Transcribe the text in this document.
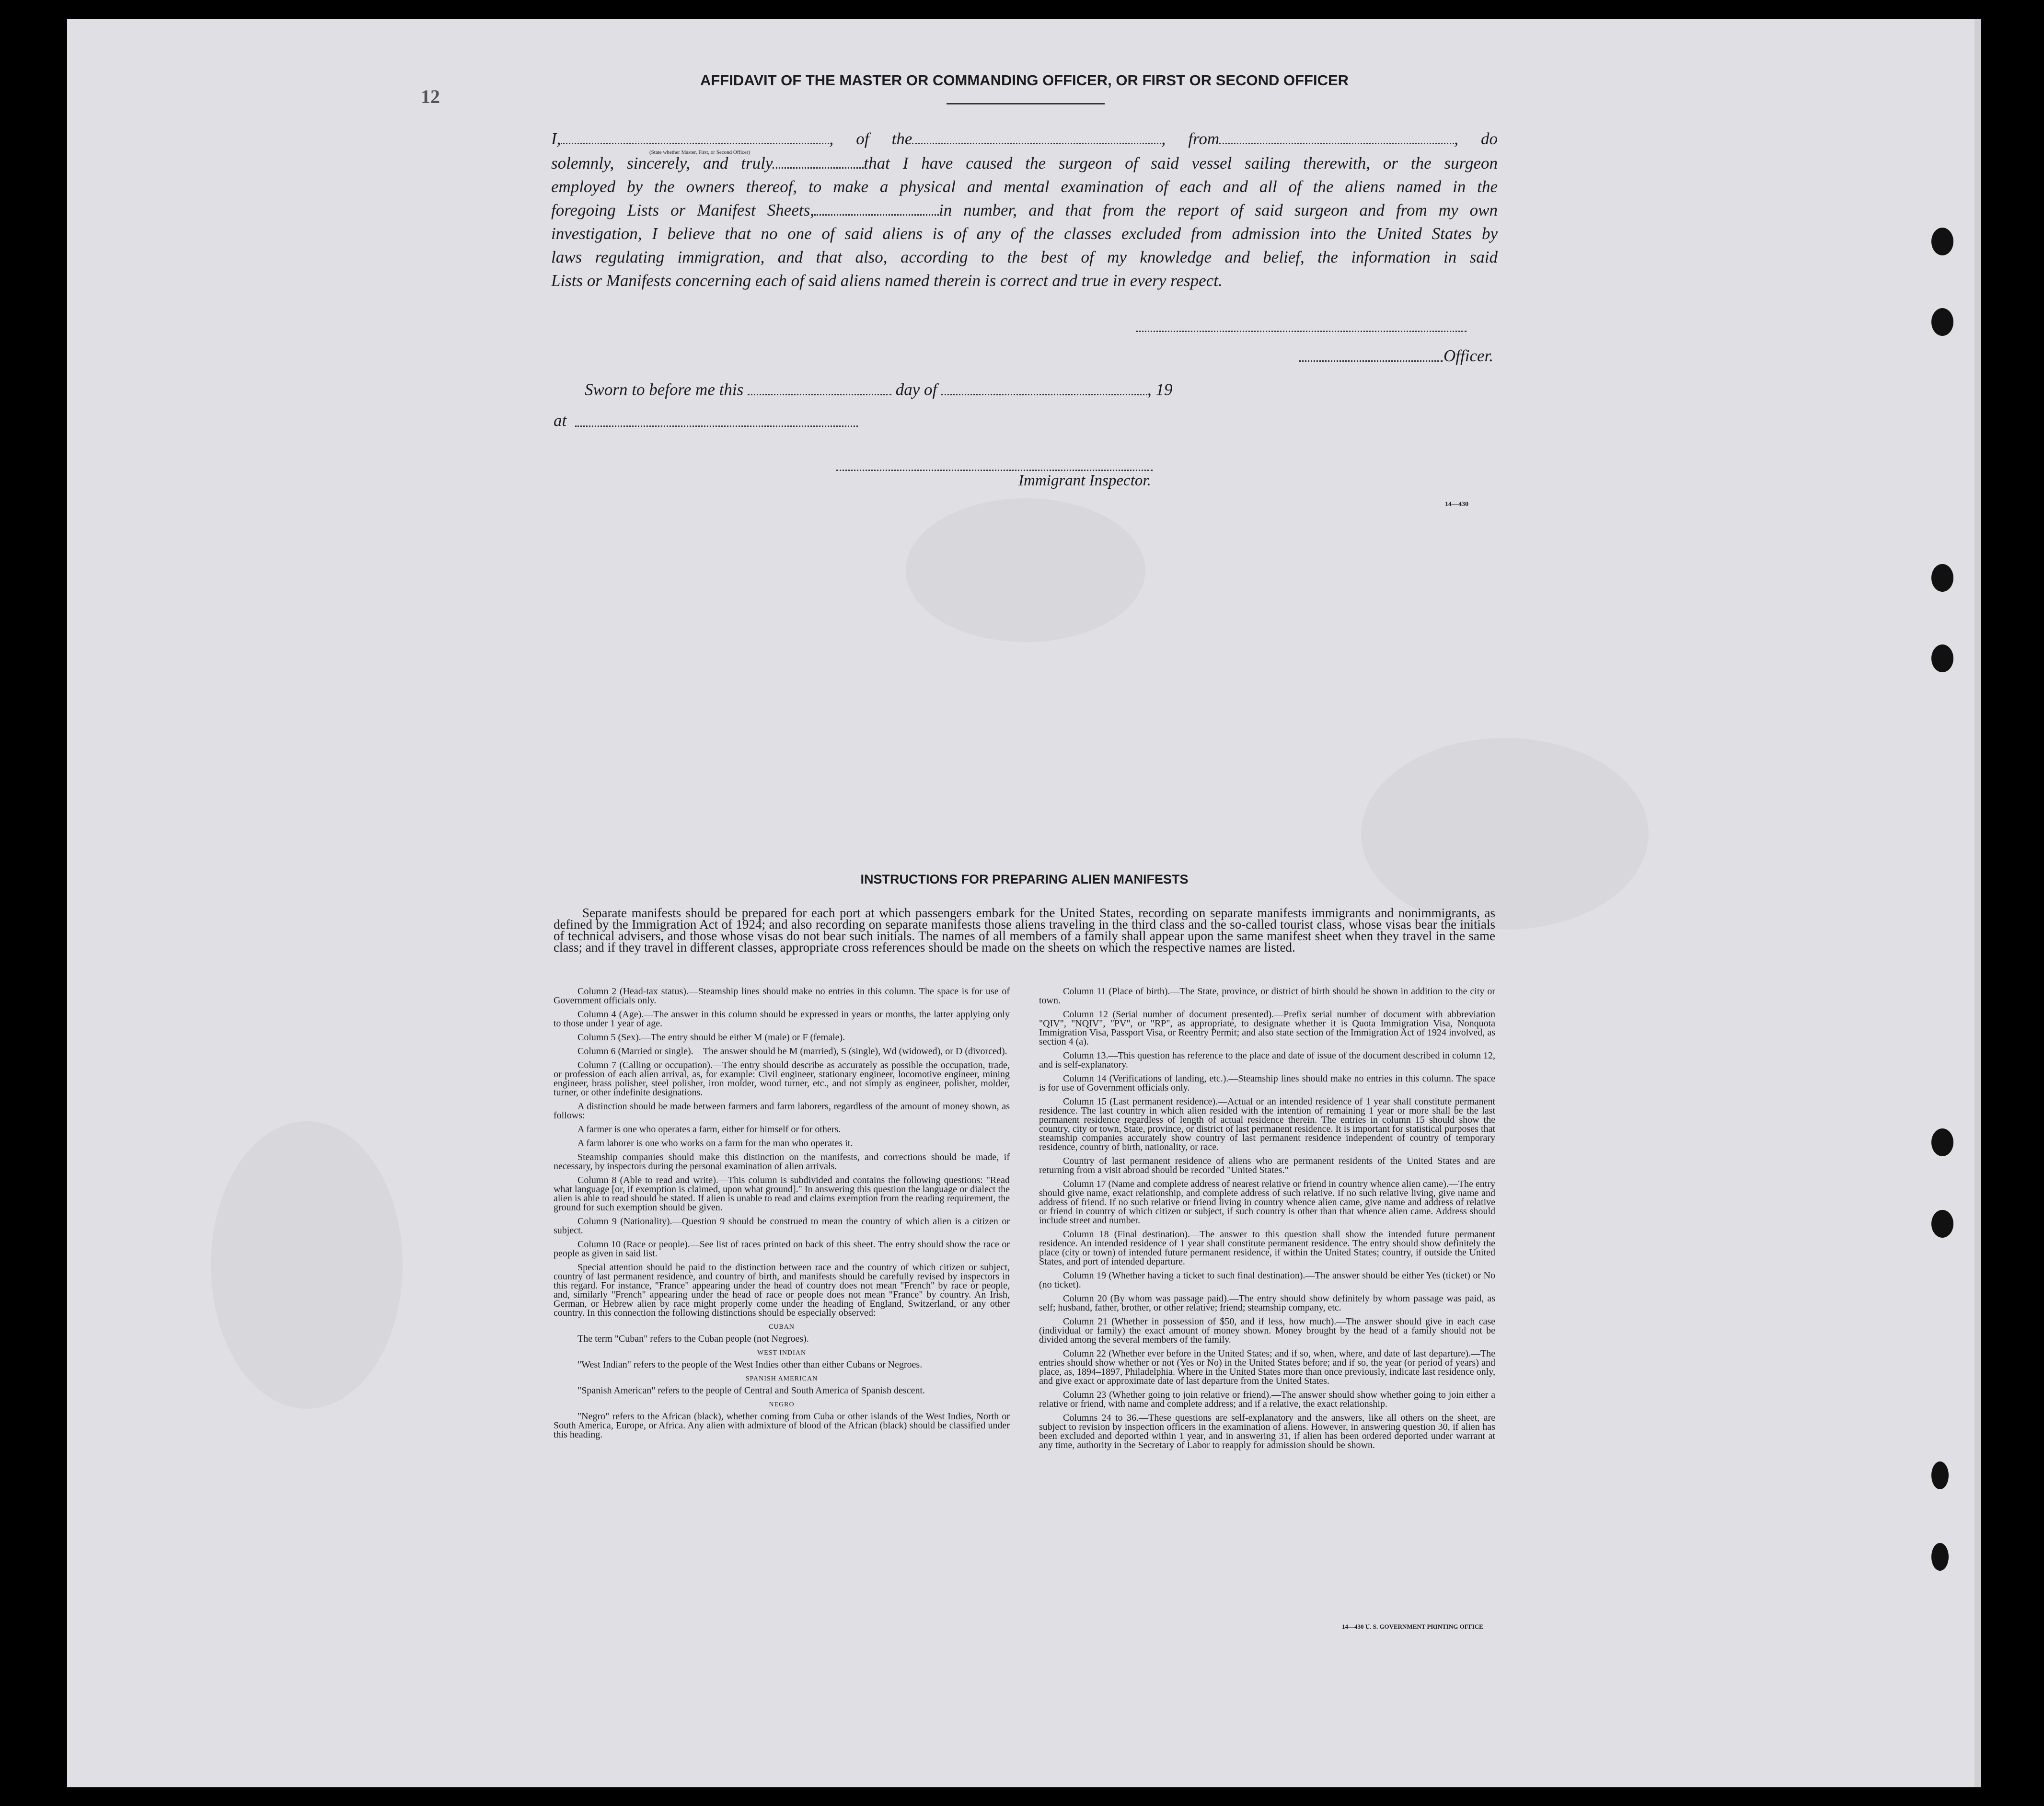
AFFIDAVIT OF THE MASTER OR COMMANDING OFFICER, OR FIRST OR SECOND OFFICER
12
I,	, of the	, from	, do
(State whether Master, First, or Second Officer)
solemnly, sincerely, and truly	that I have caused the surgeon of said vessel sailing therewith, or the surgeon
employed by the owners thereof, to make a physical and mental examination of each and all of the aliens named in the
foregoing Lists or Manifest Sheets,	in number, and that from the report of said surgeon and from my own
investigation, I believe that no one of said aliens is of any of the classes excluded from admission into the United States by
laws regulating immigration, and that also, according to the best of my knowledge and belief, the information in said
Lists or Manifests concerning each of said aliens named therein is correct and true in every respect.
Officer.
Sworn to before me this	day of	, 19
at
Immigrant Inspector.
14—430
INSTRUCTIONS FOR PREPARING ALIEN MANIFESTS
Separate manifests should be prepared for each port at which passengers embark for the United States, recording on separate manifests immigrants and nonimmigrants, as defined by the Immigration Act of 1924; and also recording on separate manifests those aliens traveling in the third class and the so-called tourist class, whose visas bear the initials of technical advisers, and those whose visas do not bear such initials. The names of all members of a family shall appear upon the same manifest sheet when they travel in the same class; and if they travel in different classes, appropriate cross references should be made on the sheets on which the respective names are listed.

Column 2 (Head-tax status).—Steamship lines should make no entries in this column. The space is for use of Government officials only.

Column 4 (Age).—The answer in this column should be expressed in years or months, the latter applying only to those under 1 year of age.

Column 5 (Sex).—The entry should be either M (male) or F (female).

Column 6 (Married or single).—The answer should be M (married), S (single), Wd (widowed), or D (divorced).

Column 7 (Calling or occupation).—The entry should describe as accurately as possible the occupation, trade, or profession of each alien arrival, as, for example: Civil engineer, stationary engineer, locomotive engineer, mining engineer, brass polisher, steel polisher, iron molder, wood turner, etc., and not simply as engineer, polisher, molder, turner, or other indefinite designations.

A distinction should be made between farmers and farm laborers, regardless of the amount of money shown, as follows:

A farmer is one who operates a farm, either for himself or for others.

A farm laborer is one who works on a farm for the man who operates it.

Steamship companies should make this distinction on the manifests, and corrections should be made, if necessary, by inspectors during the personal examination of alien arrivals.

Column 8 (Able to read and write).—This column is subdivided and contains the following questions: "Read what language [or, if exemption is claimed, upon what ground]." In answering this question the language or dialect the alien is able to read should be stated. If alien is unable to read and claims exemption from the reading requirement, the ground for such exemption should be given.

Column 9 (Nationality).—Question 9 should be construed to mean the country of which alien is a citizen or subject.

Column 10 (Race or people).—See list of races printed on back of this sheet. The entry should show the race or people as given in said list.

Special attention should be paid to the distinction between race and the country of which citizen or subject, country of last permanent residence, and country of birth, and manifests should be carefully revised by inspectors in this regard. For instance, "France" appearing under the head of country does not mean "French" by race or people, and, similarly "French" appearing under the head of race or people does not mean "France" by country. An Irish, German, or Hebrew alien by race might properly come under the heading of England, Switzerland, or any other country. In this connection the following distinctions should be especially observed:

CUBAN

The term "Cuban" refers to the Cuban people (not Negroes).

WEST INDIAN

"West Indian" refers to the people of the West Indies other than either Cubans or Negroes.

SPANISH AMERICAN

"Spanish American" refers to the people of Central and South America of Spanish descent.

NEGRO

"Negro" refers to the African (black), whether coming from Cuba or other islands of the West Indies, North or South America, Europe, or Africa. Any alien with admixture of blood of the African (black) should be classified under this heading.

Column 11 (Place of birth).—The State, province, or district of birth should be shown in addition to the city or town.

Column 12 (Serial number of document presented).—Prefix serial number of document with abbreviation "QIV", "NQIV", "PV", or "RP", as appropriate, to designate whether it is Quota Immigration Visa, Nonquota Immigration Visa, Passport Visa, or Reentry Permit; and also state section of the Immigration Act of 1924 involved, as section 4 (a).

Column 13.—This question has reference to the place and date of issue of the document described in column 12, and is self-explanatory.

Column 14 (Verifications of landing, etc.).—Steamship lines should make no entries in this column. The space is for use of Government officials only.

Column 15 (Last permanent residence).—Actual or an intended residence of 1 year shall constitute permanent residence. The last country in which alien resided with the intention of remaining 1 year or more shall be the last permanent residence regardless of length of actual residence therein. The entries in column 15 should show the country, city or town, State, province, or district of last permanent residence. It is important for statistical purposes that steamship companies accurately show country of last permanent residence independent of country of temporary residence, country of birth, nationality, or race.

Country of last permanent residence of aliens who are permanent residents of the United States and are returning from a visit abroad should be recorded "United States."

Column 17 (Name and complete address of nearest relative or friend in country whence alien came).—The entry should give name, exact relationship, and complete address of such relative. If no such relative living, give name and address of friend. If no such relative or friend living in country whence alien came, give name and address of relative or friend in country of which citizen or subject, if such country is other than that whence alien came. Address should include street and number.

Column 18 (Final destination).—The answer to this question shall show the intended future permanent residence. An intended residence of 1 year shall constitute permanent residence. The entry should show definitely the place (city or town) of intended future permanent residence, if within the United States; country, if outside the United States, and port of intended departure.

Column 19 (Whether having a ticket to such final destination).—The answer should be either Yes (ticket) or No (no ticket).

Column 20 (By whom was passage paid).—The entry should show definitely by whom passage was paid, as self; husband, father, brother, or other relative; friend; steamship company, etc.

Column 21 (Whether in possession of $50, and if less, how much).—The answer should give in each case (individual or family) the exact amount of money shown. Money brought by the head of a family should not be divided among the several members of the family.

Column 22 (Whether ever before in the United States; and if so, when, where, and date of last departure).—The entries should show whether or not (Yes or No) in the United States before; and if so, the year (or period of years) and place, as, 1894–1897, Philadelphia. Where in the United States more than once previously, indicate last residence only, and give exact or approximate date of last departure from the United States.

Column 23 (Whether going to join relative or friend).—The answer should show whether going to join either a relative or friend, with name and complete address; and if a relative, the exact relationship.

Columns 24 to 36.—These questions are self-explanatory and the answers, like all others on the sheet, are subject to revision by inspection officers in the examination of aliens. However, in answering question 30, if alien has been excluded and deported within 1 year, and in answering 31, if alien has been ordered deported under warrant at any time, authority in the Secretary of Labor to reapply for admission should be shown.

14—430 U. S. GOVERNMENT PRINTING OFFICE
